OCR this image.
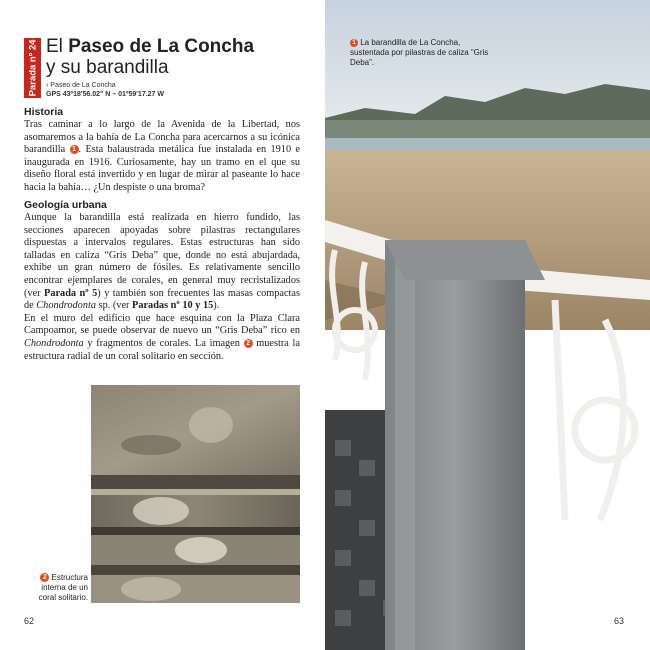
Parada nº 24 El Paseo de La Concha
y su barandilla
› Paseo de La Concha
GPS 43º18'56.02" N – 01º59'17.27 W
Historia

Tras caminar a lo largo de la Avenida de la Libertad, nos asomaremos a la bahía de La Concha para acercarnos a su icónica barandilla 1 . Esta balaustrada metálica fue instalada en 1910 e inaugurada en 1916. Curiosamente, hay un tramo en el que su diseño floral está invertido y en lugar de mirar al paseante lo hace hacia la bahía… ¿Un despiste o una broma?

Geología urbana

Aunque la barandilla está realizada en hierro fundido, las secciones aparecen apoyadas sobre pilastras rectangulares dispuestas a intervalos regulares. Estas estructuras han sido talladas en caliza “Gris Deba” que, donde no está abujardada, exhibe un gran número de fósiles. Es relativamente sencillo encontrar ejemplares de corales, en general muy recristalizados (ver Parada nº 5) y también son frecuentes las masas compactas de Chondrodonta sp. (ver Paradas nº 10 y 15).

En el muro del edificio que hace esquina con la Plaza Clara Campoamor, se puede observar de nuevo un “Gris Deba” rico en Chondrodonta y fragmentos de corales. La imagen 2 muestra la estructura radial de un coral solitario en sección.

2 Estructura interna de un coral solitario.
62	63
1 La barandilla de La Concha, sustentada por pilastras de caliza “Gris Deba”.
